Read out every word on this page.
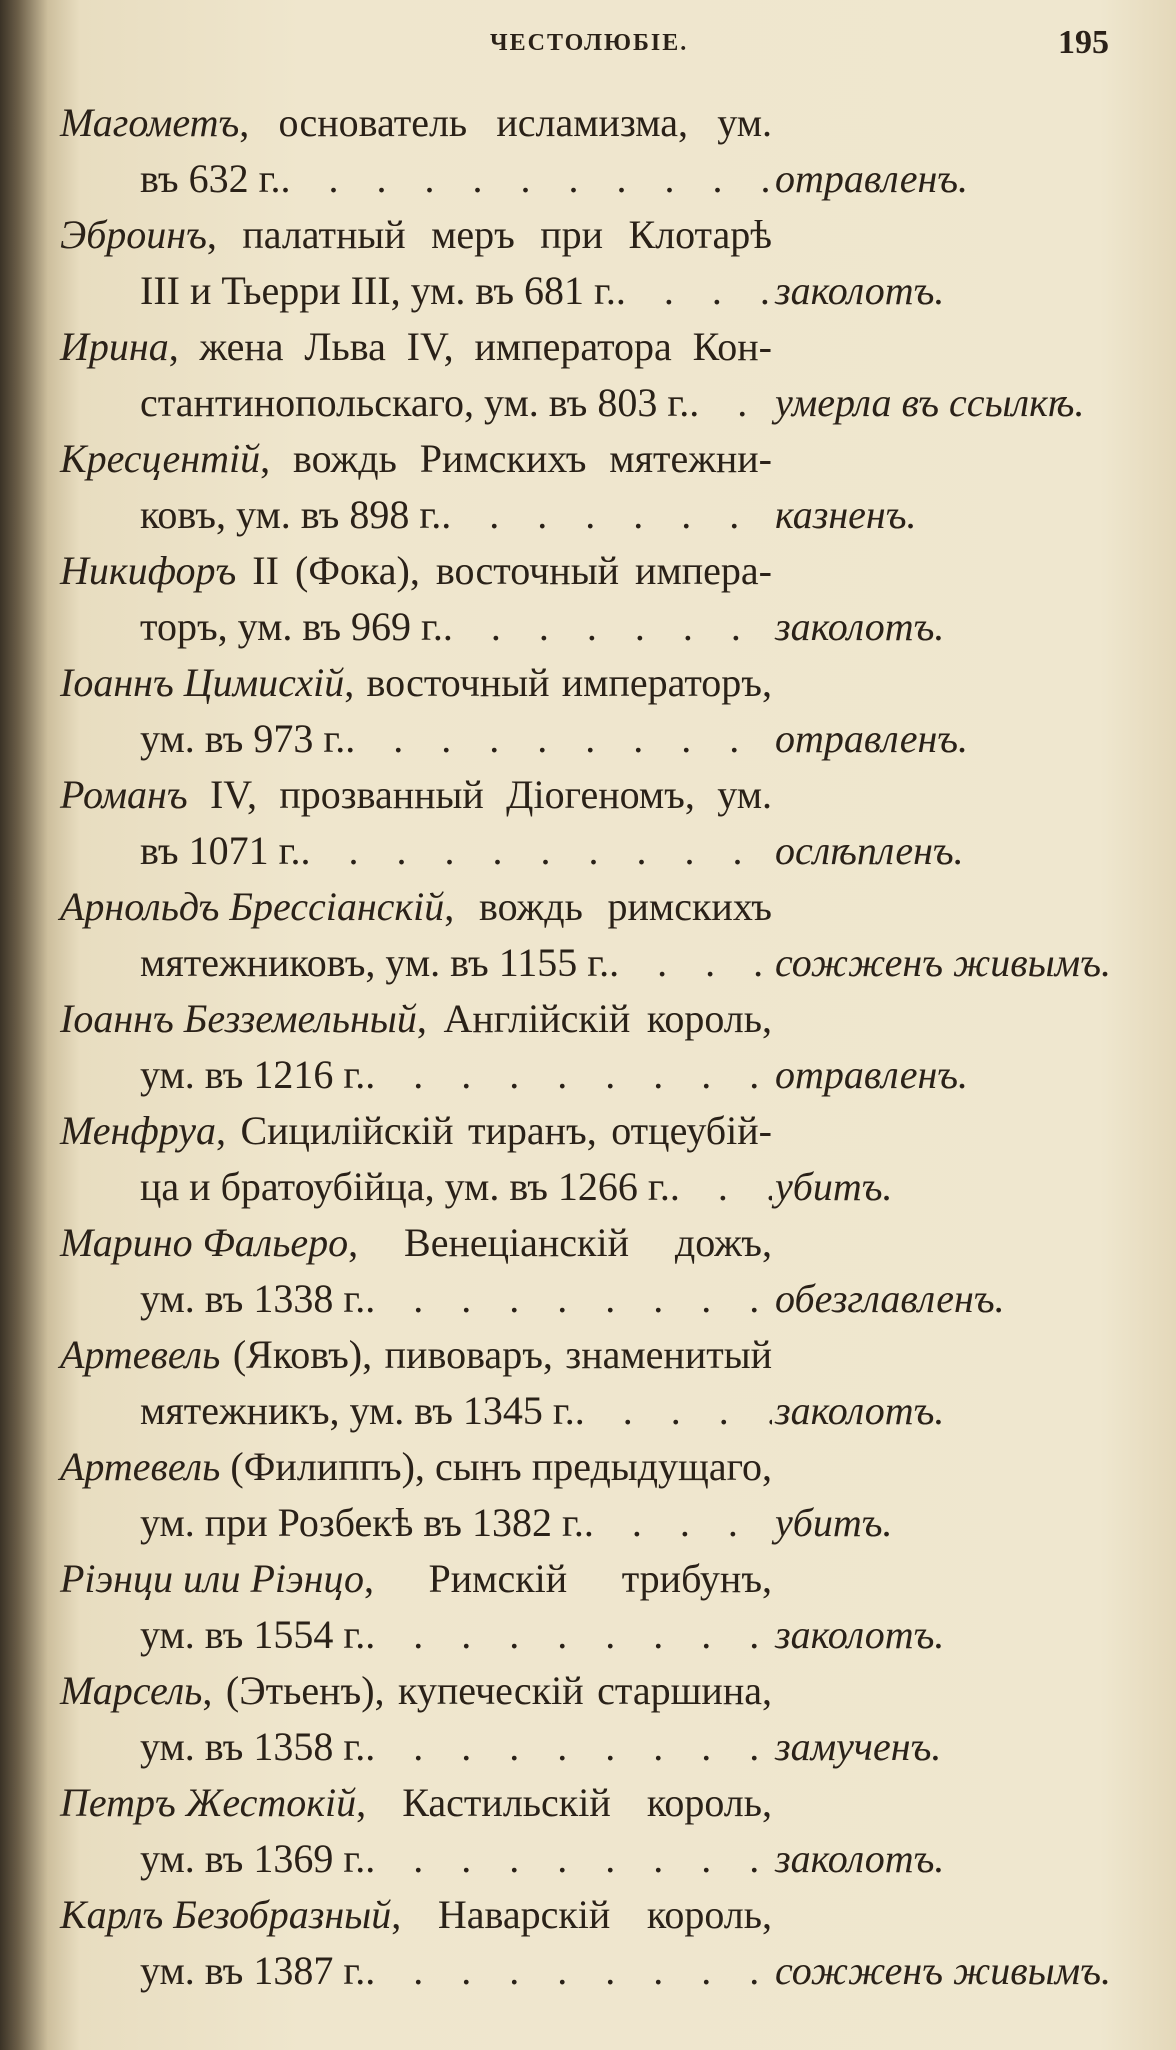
ЧЕСТОЛЮБІЕ.	195
Магометъ , основатель исламизма, ум.
въ 632 г. . . .	отравленъ.
Эброинъ , палатный меръ при Клотарѣ
III и Тьерри III, ум. въ 681 г. . . .	заколотъ.
Ирина , жена Льва IV, императора Кон-
стантинопольскаго, ум. въ 803 г. . . . умерла въ ссылкѣ.
Кресцентій , вождь Римскихъ мятежни-
ковъ, ум. въ 898 г. . . .	казненъ.
Никифоръ II (Фока), восточный импера-
торъ, ум. въ 969 г. . . .	заколотъ.
Іоаннъ Цимисхій , восточный императоръ,
ум. въ 973 г. . . .	отравленъ.
Романъ IV, прозванный Діогеномъ, ум.
въ 1071 г. . . .	ослѣпленъ.
Арнольдъ Брессіанскій , вождь римскихъ
мятежниковъ, ум. въ 1155 г. . . .	сожженъ живымъ.
Іоаннъ Безземельный , Англійскій король,
ум. въ 1216 г. . . .	отравленъ.
Менфруа , Сицилійскій тиранъ, отцеубій-
ца и братоубійца, ум. въ 1266 г. . . .	убитъ.
Марино Фальеро , Венеціанскій дожъ,
ум. въ 1338 г. . . .	обезглавленъ.
Артевель (Яковъ), пивоваръ, знаменитый
мятежникъ, ум. въ 1345 г. . . .	заколотъ.
Артевель (Филиппъ), сынъ предыдущаго,
ум. при Розбекѣ въ 1382 г. . . .	убитъ.
Ріэнци или Ріэнцо , Римскій трибунъ,
ум. въ 1554 г. . . .	заколотъ.
Марсель , (Этьенъ), купеческій старшина,
ум. въ 1358 г. . . .	замученъ.
Петръ Жестокій , Кастильскій король,
ум. въ 1369 г. . . .	заколотъ.
Карлъ Безобразный , Наварскій король,
ум. въ 1387 г. . . .	сожженъ живымъ.
